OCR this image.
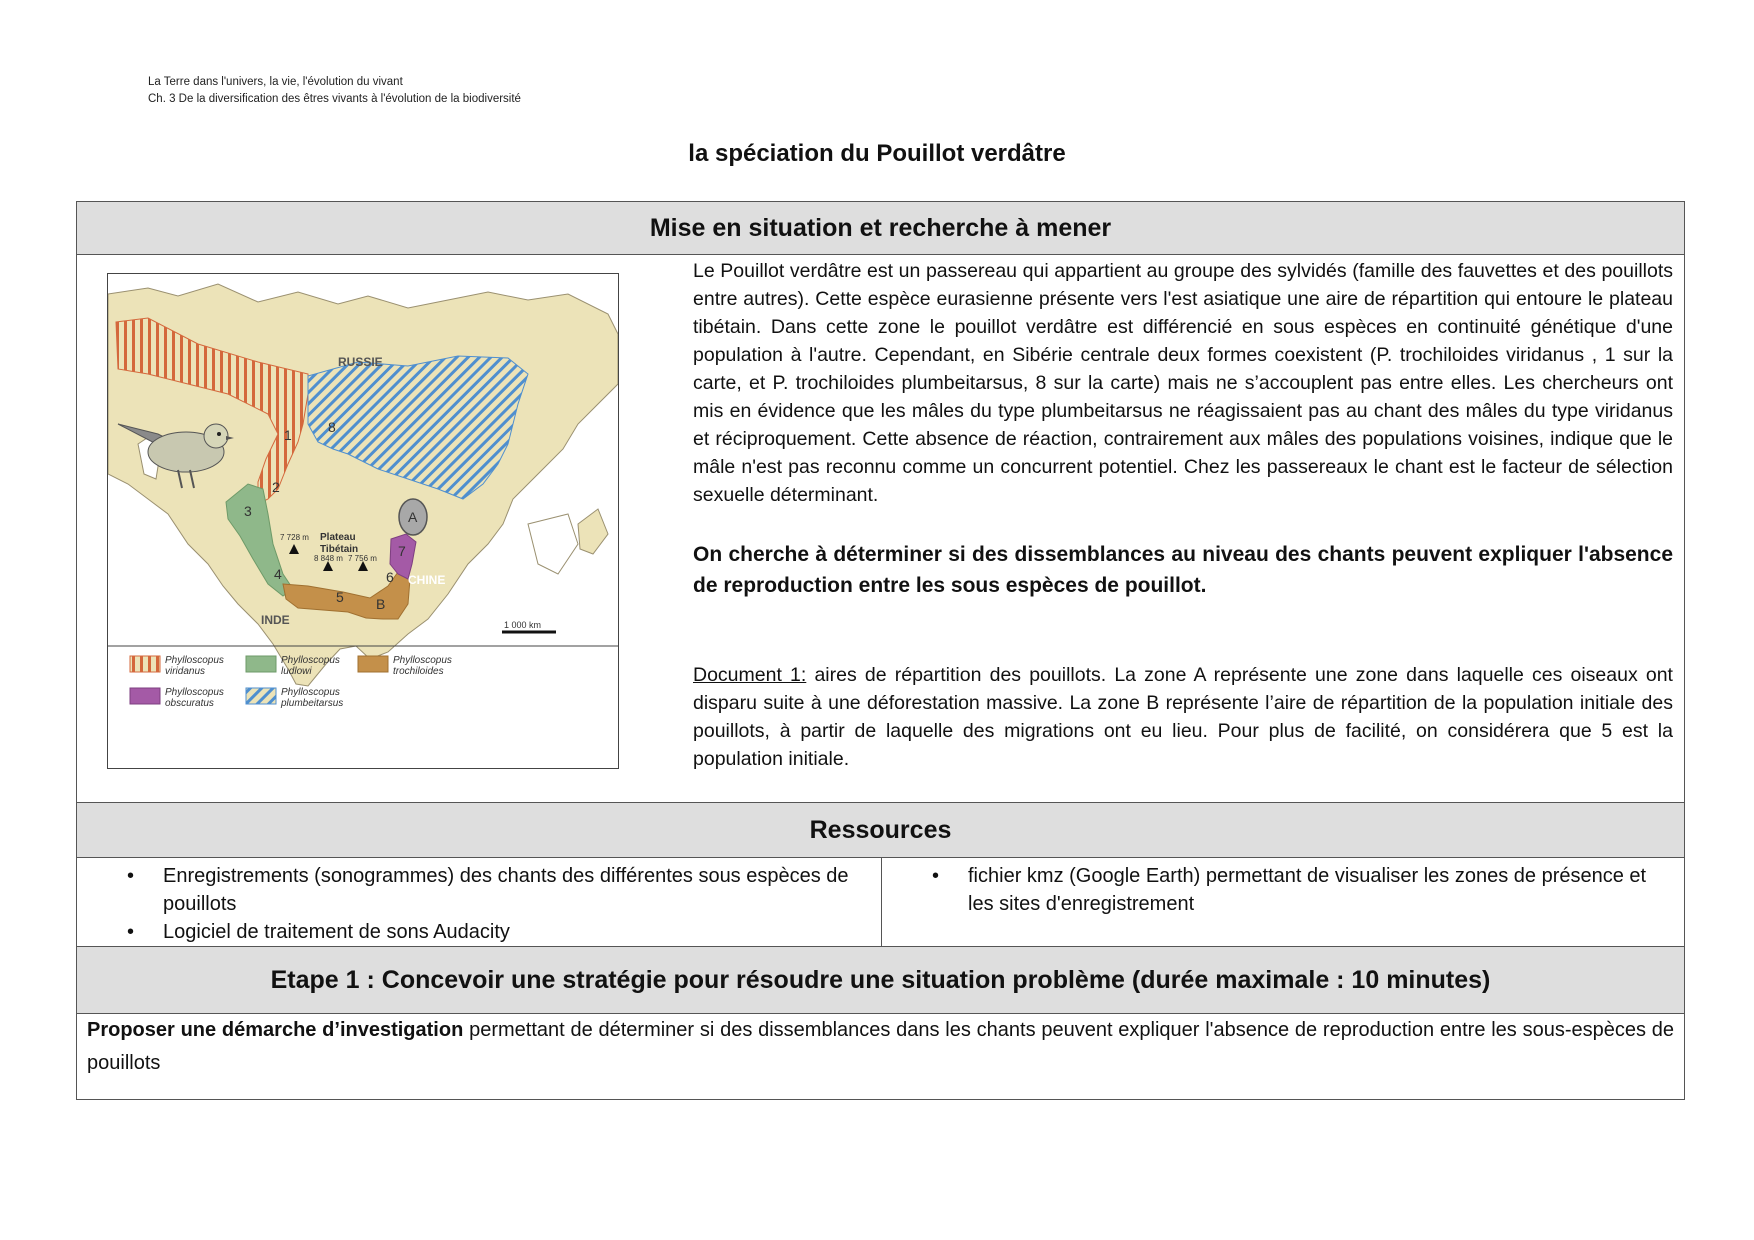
La Terre dans l'univers, la vie, l'évolution du vivant
Ch. 3 De la diversification des êtres vivants à l'évolution de la biodiversité
la spéciation du Pouillot verdâtre
Mise en situation et recherche à mener

RUSSIE
CHINE
INDE
Plateau
Tibétain
7 728 m
8 848 m 7 756 m
1 000 km
A
B
1
2
3
4
5
6
7
8
Phylloscopus
viridanus
Phylloscopus
ludlowi
Phylloscopus
trochiloides
Phylloscopus
obscuratus
Phylloscopus
plumbeitarsus

Le Pouillot verdâtre est un passereau qui appartient au groupe des sylvidés (famille des fauvettes et des pouillots entre autres). Cette espèce eurasienne présente vers l'est asiatique une aire de répartition qui entoure le plateau tibétain. Dans cette zone le pouillot verdâtre est différencié en sous espèces en continuité génétique d'une population à l'autre. Cependant, en Sibérie centrale deux formes coexistent (P. trochiloides viridanus , 1 sur la carte, et P. trochiloides plumbeitarsus, 8 sur la carte) mais ne s’accouplent pas entre elles. Les chercheurs ont mis en évidence que les mâles du type plumbeitarsus ne réagissaient pas au chant des mâles du type viridanus et réciproquement. Cette absence de réaction, contrairement aux mâles des populations voisines, indique que le mâle n'est pas reconnu comme un concurrent potentiel. Chez les passereaux le chant est le facteur de sélection sexuelle déterminant.

On cherche à déterminer si des dissemblances au niveau des chants peuvent expliquer l'absence de reproduction entre les sous espèces de pouillot.

Document 1: aires de répartition des pouillots. La zone A représente une zone dans laquelle ces oiseaux ont disparu suite à une déforestation massive. La zone B représente l’aire de répartition de la population initiale des pouillots, à partir de laquelle des migrations ont eu lieu. Pour plus de facilité, on considérera que 5 est la population initiale.

Ressources

• Enregistrements (sonogrammes) des chants des différentes sous espèces de pouillots
• Logiciel de traitement de sons Audacity

• fichier kmz (Google Earth) permettant de visualiser les zones de présence et les sites d'enregistrement

Etape 1 : Concevoir une stratégie pour résoudre une situation problème (durée maximale : 10 minutes)

Proposer une démarche d’investigation permettant de déterminer si des dissemblances dans les chants peuvent expliquer l'absence de reproduction entre les sous-espèces de pouillots
